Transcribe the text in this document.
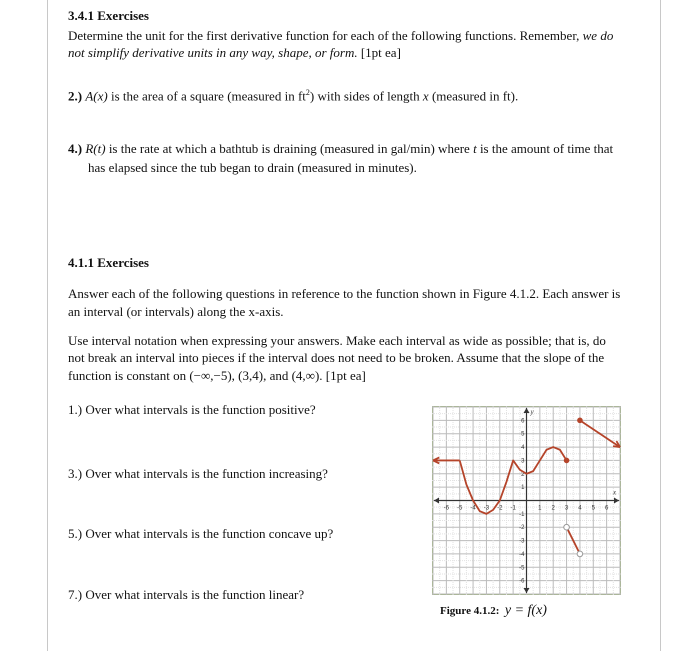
3.4.1 Exercises
Determine the unit for the first derivative function for each of the following functions. Remember, we do
not simplify derivative units in any way, shape, or form. [1pt ea]
2.) A(x) is the area of a square (measured in $ft^2$) with sides of length x (measured in ft).
4.) R(t) is the rate at which a bathtub is draining (measured in gal/min) where t is the amount of time that
has elapsed since the tub began to drain (measured in minutes).
4.1.1 Exercises
Answer each of the following questions in reference to the function shown in Figure 4.1.2. Each answer is
an interval (or intervals) along the x-axis.
Use interval notation when expressing your answers. Make each interval as wide as possible; that is, do
not break an interval into pieces if the interval does not need to be broken. Assume that the slope of the
function is constant on (−∞,−5), (3,4), and (4,∞). [1pt ea]
1.) Over what intervals is the function positive?
3.) Over what intervals is the function increasing?
5.) Over what intervals is the function concave up?
7.) Over what intervals is the function linear?
-6 -5 -4 -3 -2 -1	1 2 3 4 5 6
-6
-5
-4
-3
-2
-1
1
2
3
4
5
6
x
y
Figure 4.1.2: y = f(x)
